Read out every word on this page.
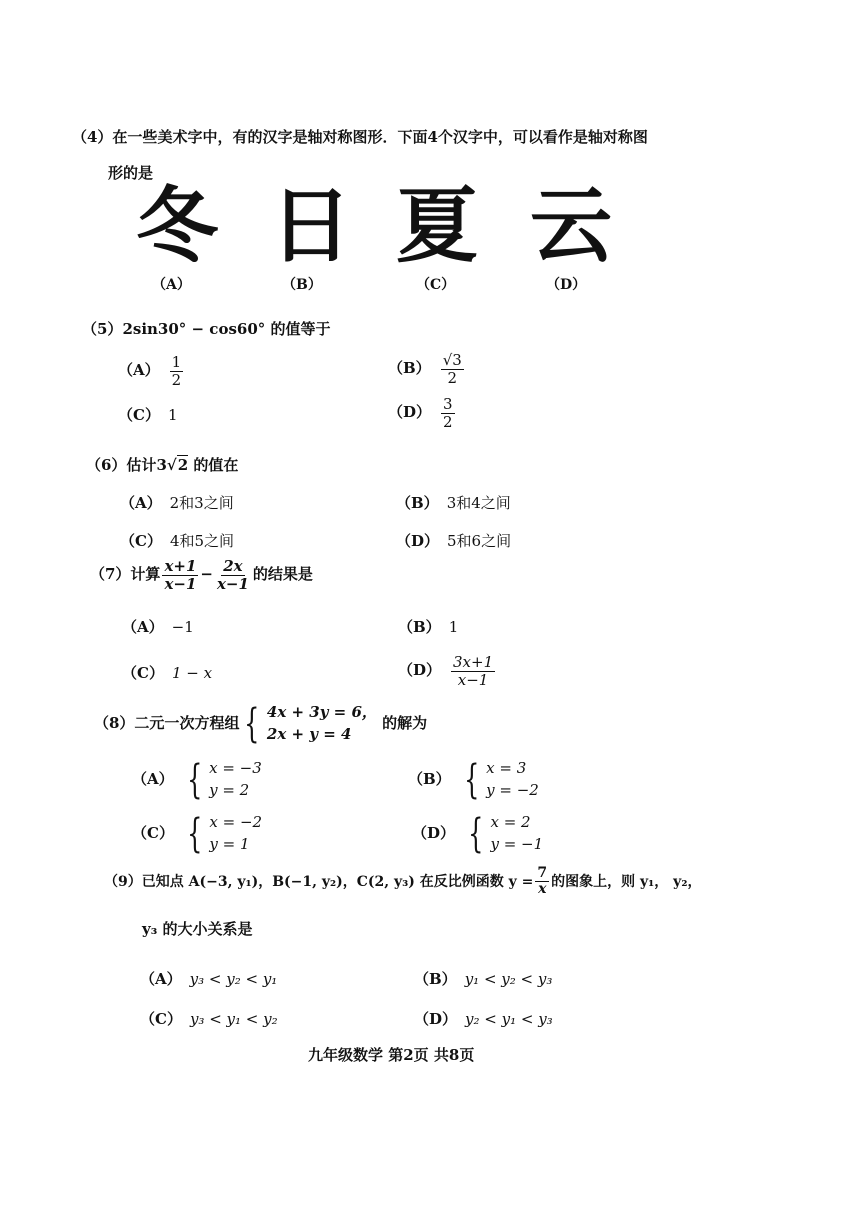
（4）在一些美术字中，有的汉字是轴对称图形．下面4个汉字中，可以看作是轴对称图
形的是
冬 日 夏 云
（A）	（B）	（C）	（D）
（5）2sin30° − cos60° 的值等于
$(A) \frac{1}{2}$	$(B) \frac{√3}{2}$
（C） 1	$(D) \frac{3}{2}$
（6）估计3√2 的值在
（A） 2和3之间	（B） 3和4之间
（C） 4和5之间	（D） 5和6之间
（7）计算 $\frac{x+1}{x-1} - \frac{2x}{x-1}$ 的结果是
（A） −1	（B） 1
（C） 1 − x	$(D) \frac{3x+1}{x-1}$
（8）二元一次方程组 { 4x + 3y = 6，
2x + y = 4
的解为
（A） { x = −3
y = 2
（B） { x = 3
y = −2
（C） { x = −2
y = 1
（D） { x = 2
y = −1
（9）已知点 A(−3, y₁)，B(−1, y₂)，C(2, y₃) 在反比例函数 $y = \frac{7}{x}$ 的图象上，则 y₁， y₂，
y₃ 的大小关系是
（A） y₃ < y₂ < y₁	（B） y₁ < y₂ < y₃
（C） y₃ < y₁ < y₂	（D） y₂ < y₁ < y₃
九年级数学 第2页 共8页
